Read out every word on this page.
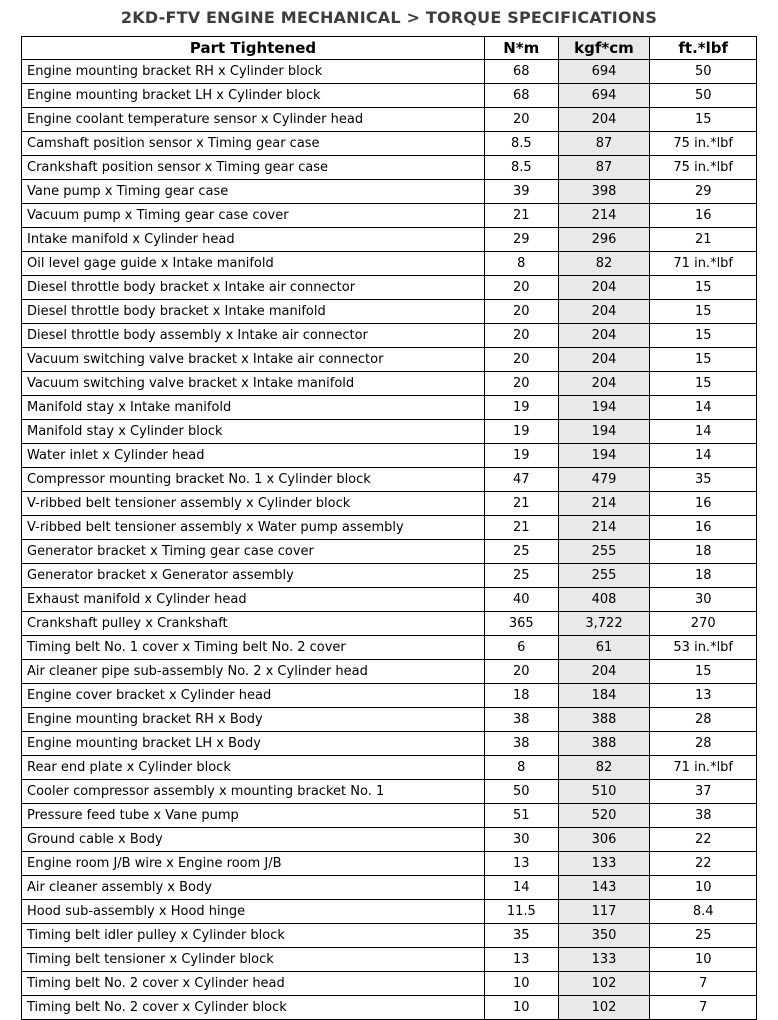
2KD-FTV ENGINE MECHANICAL > TORQUE SPECIFICATIONS
Part Tightened	N*m	kgf*cm	ft.*lbf
Engine mounting bracket RH x Cylinder block	68	694	50
Engine mounting bracket LH x Cylinder block	68	694	50
Engine coolant temperature sensor x Cylinder head	20	204	15
Camshaft position sensor x Timing gear case	8.5	87	75 in.*lbf
Crankshaft position sensor x Timing gear case	8.5	87	75 in.*lbf
Vane pump x Timing gear case	39	398	29
Vacuum pump x Timing gear case cover	21	214	16
Intake manifold x Cylinder head	29	296	21
Oil level gage guide x Intake manifold	8	82	71 in.*lbf
Diesel throttle body bracket x Intake air connector	20	204	15
Diesel throttle body bracket x Intake manifold	20	204	15
Diesel throttle body assembly x Intake air connector	20	204	15
Vacuum switching valve bracket x Intake air connector	20	204	15
Vacuum switching valve bracket x Intake manifold	20	204	15
Manifold stay x Intake manifold	19	194	14
Manifold stay x Cylinder block	19	194	14
Water inlet x Cylinder head	19	194	14
Compressor mounting bracket No. 1 x Cylinder block	47	479	35
V-ribbed belt tensioner assembly x Cylinder block	21	214	16
V-ribbed belt tensioner assembly x Water pump assembly	21	214	16
Generator bracket x Timing gear case cover	25	255	18
Generator bracket x Generator assembly	25	255	18
Exhaust manifold x Cylinder head	40	408	30
Crankshaft pulley x Crankshaft	365	3,722	270
Timing belt No. 1 cover x Timing belt No. 2 cover	6	61	53 in.*lbf
Air cleaner pipe sub-assembly No. 2 x Cylinder head	20	204	15
Engine cover bracket x Cylinder head	18	184	13
Engine mounting bracket RH x Body	38	388	28
Engine mounting bracket LH x Body	38	388	28
Rear end plate x Cylinder block	8	82	71 in.*lbf
Cooler compressor assembly x mounting bracket No. 1	50	510	37
Pressure feed tube x Vane pump	51	520	38
Ground cable x Body	30	306	22
Engine room J/B wire x Engine room J/B	13	133	22
Air cleaner assembly x Body	14	143	10
Hood sub-assembly x Hood hinge	11.5	117	8.4
Timing belt idler pulley x Cylinder block	35	350	25
Timing belt tensioner x Cylinder block	13	133	10
Timing belt No. 2 cover x Cylinder head	10	102	7
Timing belt No. 2 cover x Cylinder block	10	102	7
